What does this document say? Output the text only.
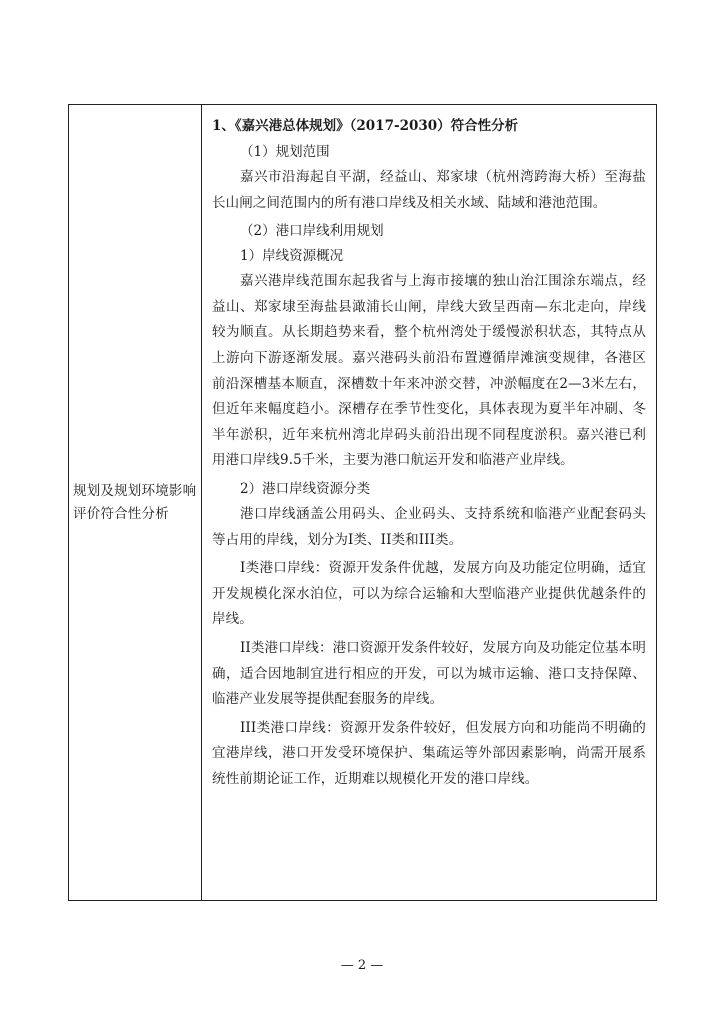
规划及规划环境影响评价符合性分析

1、《嘉兴港总体规划》（2017-2030）符合性分析

（1）规划范围

嘉兴市沿海起自平湖，经益山、郑家埭（杭州湾跨海大桥）至海盐长山闸之间范围内的所有港口岸线及相关水域、陆域和港池范围。

（2）港口岸线利用规划

1）岸线资源概况

嘉兴港岸线范围东起我省与上海市接壤的独山治江围涂东端点，经益山、郑家埭至海盐县澉浦长山闸，岸线大致呈西南—东北走向，岸线较为顺直。从长期趋势来看，整个杭州湾处于缓慢淤积状态，其特点从上游向下游逐渐发展。嘉兴港码头前沿布置遵循岸滩演变规律，各港区前沿深槽基本顺直，深槽数十年来冲淤交替，冲淤幅度在2—3米左右，但近年来幅度趋小。深槽存在季节性变化，具体表现为夏半年冲刷、冬半年淤积，近年来杭州湾北岸码头前沿出现不同程度淤积。嘉兴港已利用港口岸线9.5千米，主要为港口航运开发和临港产业岸线。

2）港口岸线资源分类

港口岸线涵盖公用码头、企业码头、支持系统和临港产业配套码头等占用的岸线，划分为I类、II类和III类。

I类港口岸线：资源开发条件优越，发展方向及功能定位明确，适宜开发规模化深水泊位，可以为综合运输和大型临港产业提供优越条件的岸线。

II类港口岸线：港口资源开发条件较好，发展方向及功能定位基本明确，适合因地制宜进行相应的开发，可以为城市运输、港口支持保障、临港产业发展等提供配套服务的岸线。

III类港口岸线：资源开发条件较好，但发展方向和功能尚不明确的宜港岸线，港口开发受环境保护、集疏运等外部因素影响，尚需开展系统性前期论证工作，近期难以规模化开发的港口岸线。

— 2 —
